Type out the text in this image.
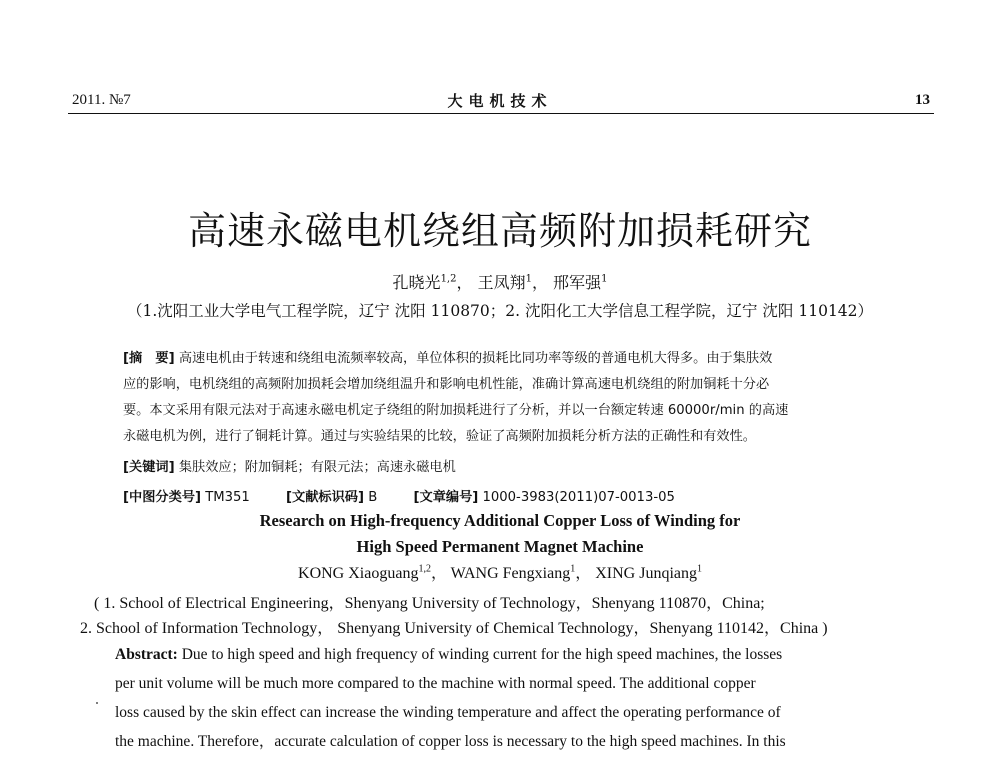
2011. №7	大电机技术	13
高速永磁电机绕组高频附加损耗研究
孔晓光$^{1,2}$， 王凤翔$^1$， 邢军强$^1$
（1.沈阳工业大学电气工程学院，辽宁 沈阳 110870；2. 沈阳化工大学信息工程学院，辽宁 沈阳 110142）
[摘　要] 高速电机由于转速和绕组电流频率较高，单位体积的损耗比同功率等级的普通电机大得多。由于集肤效
应的影响，电机绕组的高频附加损耗会增加绕组温升和影响电机性能，准确计算高速电机绕组的附加铜耗十分必
要。本文采用有限元法对于高速永磁电机定子绕组的附加损耗进行了分析，并以一台额定转速 60000r/min 的高速
永磁电机为例，进行了铜耗计算。通过与实验结果的比较，验证了高频附加损耗分析方法的正确性和有效性。
[关键词] 集肤效应；附加铜耗；有限元法；高速永磁电机
[中图分类号] TM351	[文献标识码] B	[文章编号] 1000-3983(2011)07-0013-05
Research on High-frequency Additional Copper Loss of Winding for
High Speed Permanent Magnet Machine
KONG Xiaoguang$^{1,2}$， WANG Fengxiang$^1$， XING Junqiang$^1$
( 1. School of Electrical Engineering，Shenyang University of Technology，Shenyang 110870，China;
2. School of Information Technology， Shenyang University of Chemical Technology，Shenyang 110142，China )
Abstract: Due to high speed and high frequency of winding current for the high speed machines, the losses
per unit volume will be much more compared to the machine with normal speed. The additional copper
loss caused by the skin effect can increase the winding temperature and affect the operating performance of
the machine. Therefore，accurate calculation of copper loss is necessary to the high speed machines. In this
